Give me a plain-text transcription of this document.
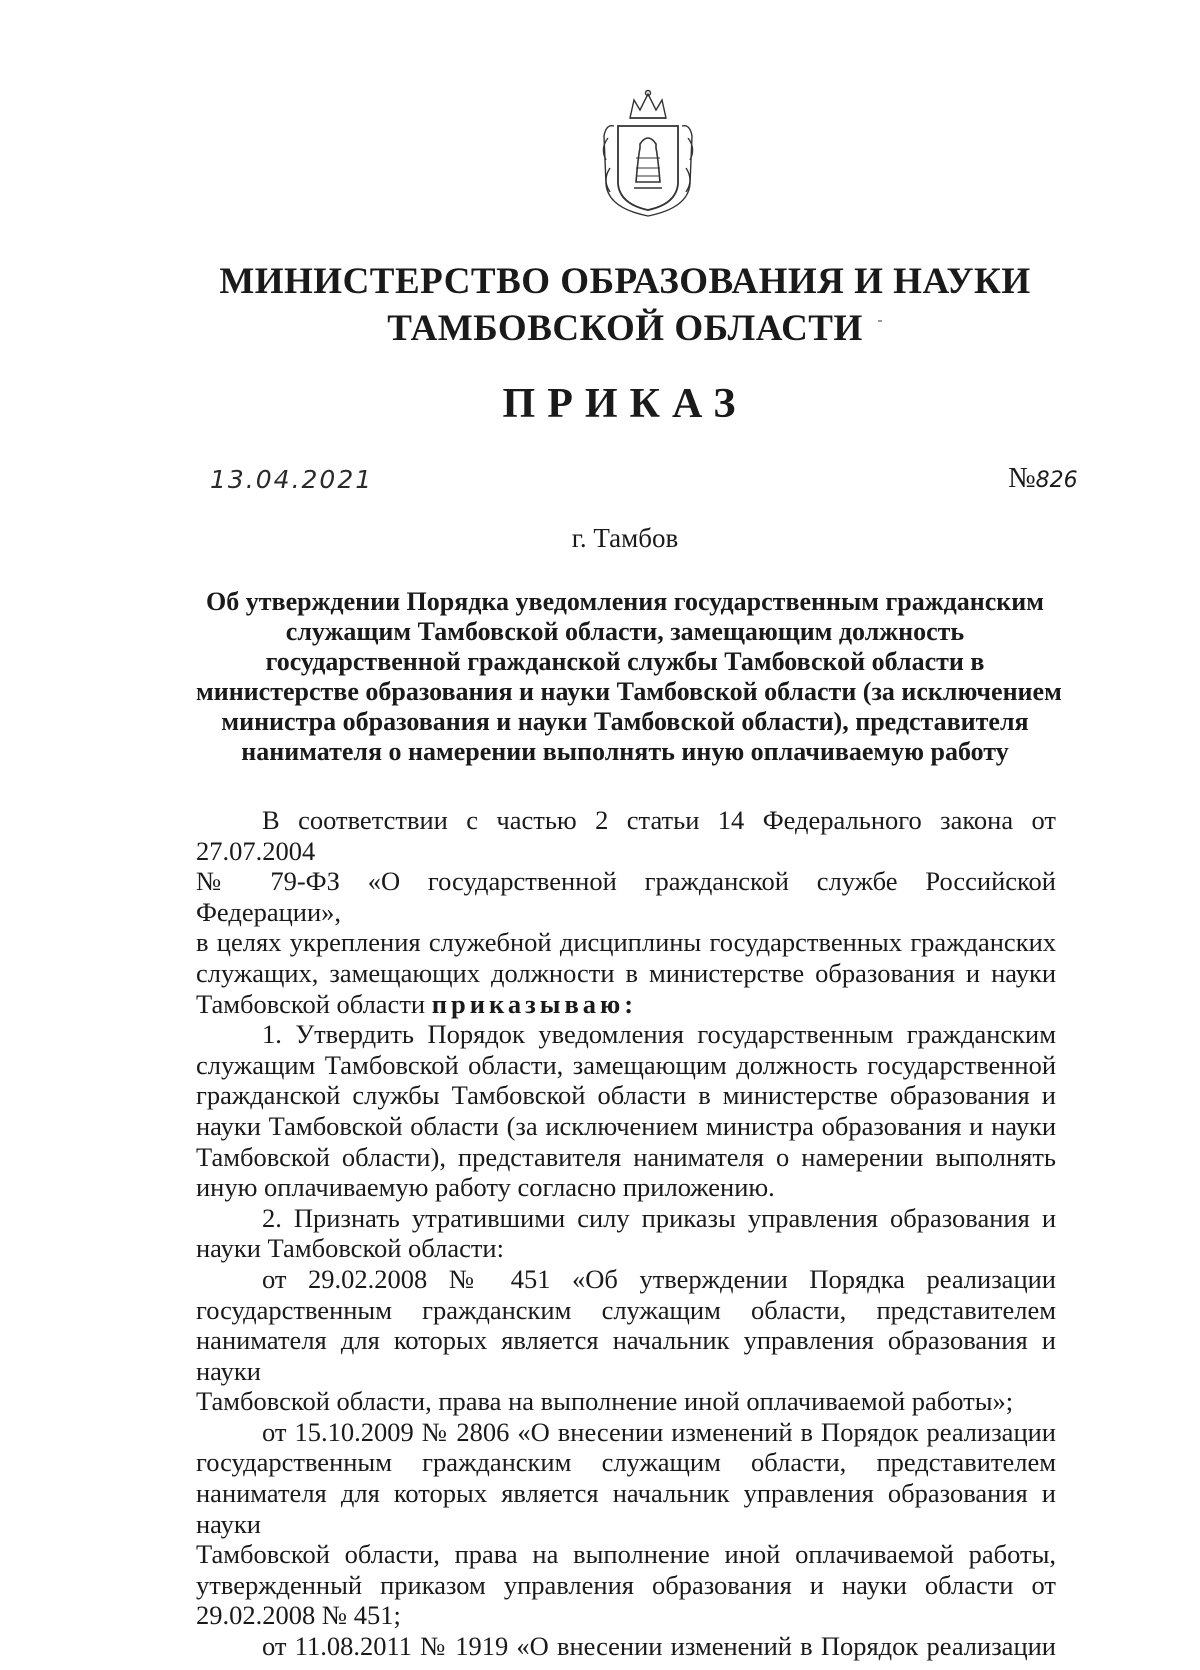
МИНИСТЕРСТВО ОБРАЗОВАНИЯ И НАУКИ
ТАМБОВСКОЙ ОБЛАСТИ
ПРИКАЗ
13.04.2021	№826
г. Тамбов
Об утверждении Порядка уведомления государственным гражданским
служащим Тамбовской области, замещающим должность
государственной гражданской службы Тамбовской области в
министерстве образования и науки Тамбовской области (за исключением
министра образования и науки Тамбовской области), представителя
нанимателя о намерении выполнять иную оплачиваемую работу

В соответствии с частью 2 статьи 14 Федерального закона от 27.07.2004

№ 79-ФЗ «О государственной гражданской службе Российской Федерации»,

в целях укрепления служебной дисциплины государственных гражданских

служащих, замещающих должности в министерстве образования и науки

Тамбовской области приказываю:

1. Утвердить Порядок уведомления государственным гражданским

служащим Тамбовской области, замещающим должность государственной

гражданской службы Тамбовской области в министерстве образования и

науки Тамбовской области (за исключением министра образования и науки

Тамбовской области), представителя нанимателя о намерении выполнять

иную оплачиваемую работу согласно приложению.

2. Признать утратившими силу приказы управления образования и

науки Тамбовской области:

от 29.02.2008 № 451 «Об утверждении Порядка реализации

государственным гражданским служащим области, представителем

нанимателя для которых является начальник управления образования и науки

Тамбовской области, права на выполнение иной оплачиваемой работы»;

от 15.10.2009 № 2806 «О внесении изменений в Порядок реализации

государственным гражданским служащим области, представителем

нанимателя для которых является начальник управления образования и науки

Тамбовской области, права на выполнение иной оплачиваемой работы,

утвержденный приказом управления образования и науки области от

29.02.2008 № 451;

от 11.08.2011 № 1919 «О внесении изменений в Порядок реализации
